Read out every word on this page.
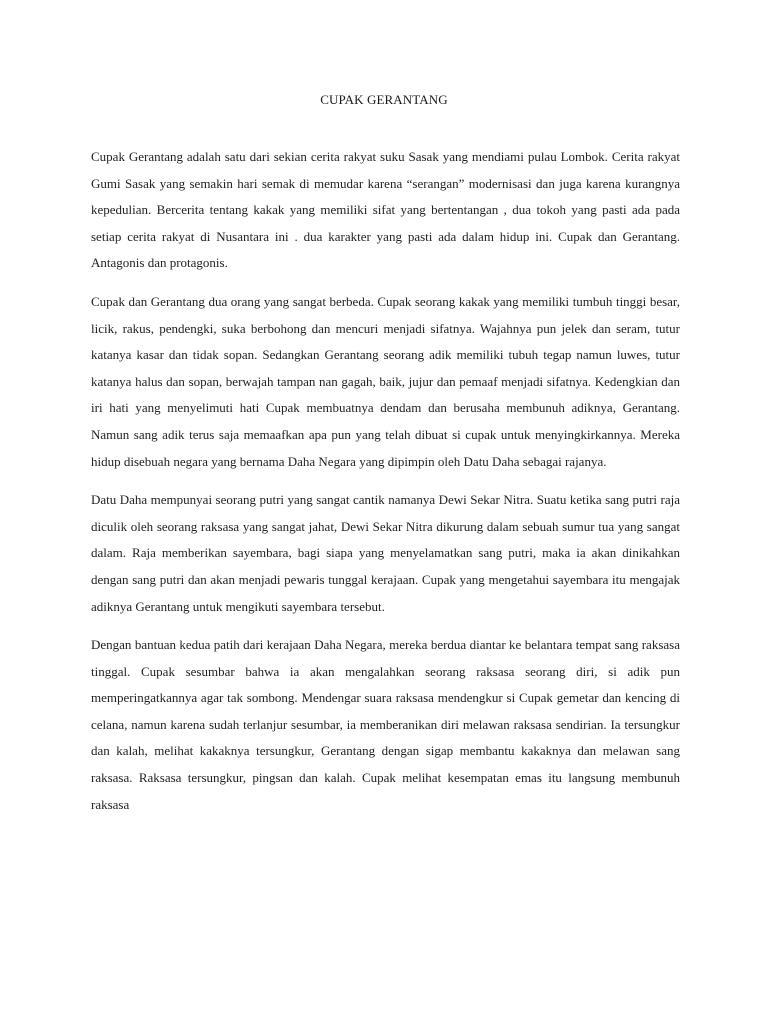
CUPAK GERANTANG

Cupak Gerantang adalah satu dari sekian cerita rakyat suku Sasak yang mendiami pulau Lombok. Cerita rakyat Gumi Sasak yang semakin hari semak di memudar karena “serangan” modernisasi dan juga karena kurangnya kepedulian. Bercerita tentang kakak yang memiliki sifat yang bertentangan , dua tokoh yang pasti ada pada setiap cerita rakyat di Nusantara ini . dua karakter yang pasti ada dalam hidup ini. Cupak dan Gerantang. Antagonis dan protagonis.

Cupak dan Gerantang dua orang yang sangat berbeda. Cupak seorang kakak yang memiliki tumbuh tinggi besar, licik, rakus, pendengki, suka berbohong dan mencuri menjadi sifatnya. Wajahnya pun jelek dan seram, tutur katanya kasar dan tidak sopan. Sedangkan Gerantang seorang adik memiliki tubuh tegap namun luwes, tutur katanya halus dan sopan, berwajah tampan nan gagah, baik, jujur dan pemaaf menjadi sifatnya. Kedengkian dan iri hati yang menyelimuti hati Cupak membuatnya dendam dan berusaha membunuh adiknya, Gerantang. Namun sang adik terus saja memaafkan apa pun yang telah dibuat si cupak untuk menyingkirkannya. Mereka hidup disebuah negara yang bernama Daha Negara yang dipimpin oleh Datu Daha sebagai rajanya.

Datu Daha mempunyai seorang putri yang sangat cantik namanya Dewi Sekar Nitra. Suatu ketika sang putri raja diculik oleh seorang raksasa yang sangat jahat, Dewi Sekar Nitra dikurung dalam sebuah sumur tua yang sangat dalam. Raja memberikan sayembara, bagi siapa yang menyelamatkan sang putri, maka ia akan dinikahkan dengan sang putri dan akan menjadi pewaris tunggal kerajaan. Cupak yang mengetahui sayembara itu mengajak adiknya Gerantang untuk mengikuti sayembara tersebut.

Dengan bantuan kedua patih dari kerajaan Daha Negara, mereka berdua diantar ke belantara tempat sang raksasa tinggal. Cupak sesumbar bahwa ia akan mengalahkan seorang raksasa seorang diri, si adik pun memperingatkannya agar tak sombong. Mendengar suara raksasa mendengkur si Cupak gemetar dan kencing di celana, namun karena sudah terlanjur sesumbar, ia memberanikan diri melawan raksasa sendirian. Ia tersungkur dan kalah, melihat kakaknya tersungkur, Gerantang dengan sigap membantu kakaknya dan melawan sang raksasa. Raksasa tersungkur, pingsan dan kalah. Cupak melihat kesempatan emas itu langsung membunuh raksasa
